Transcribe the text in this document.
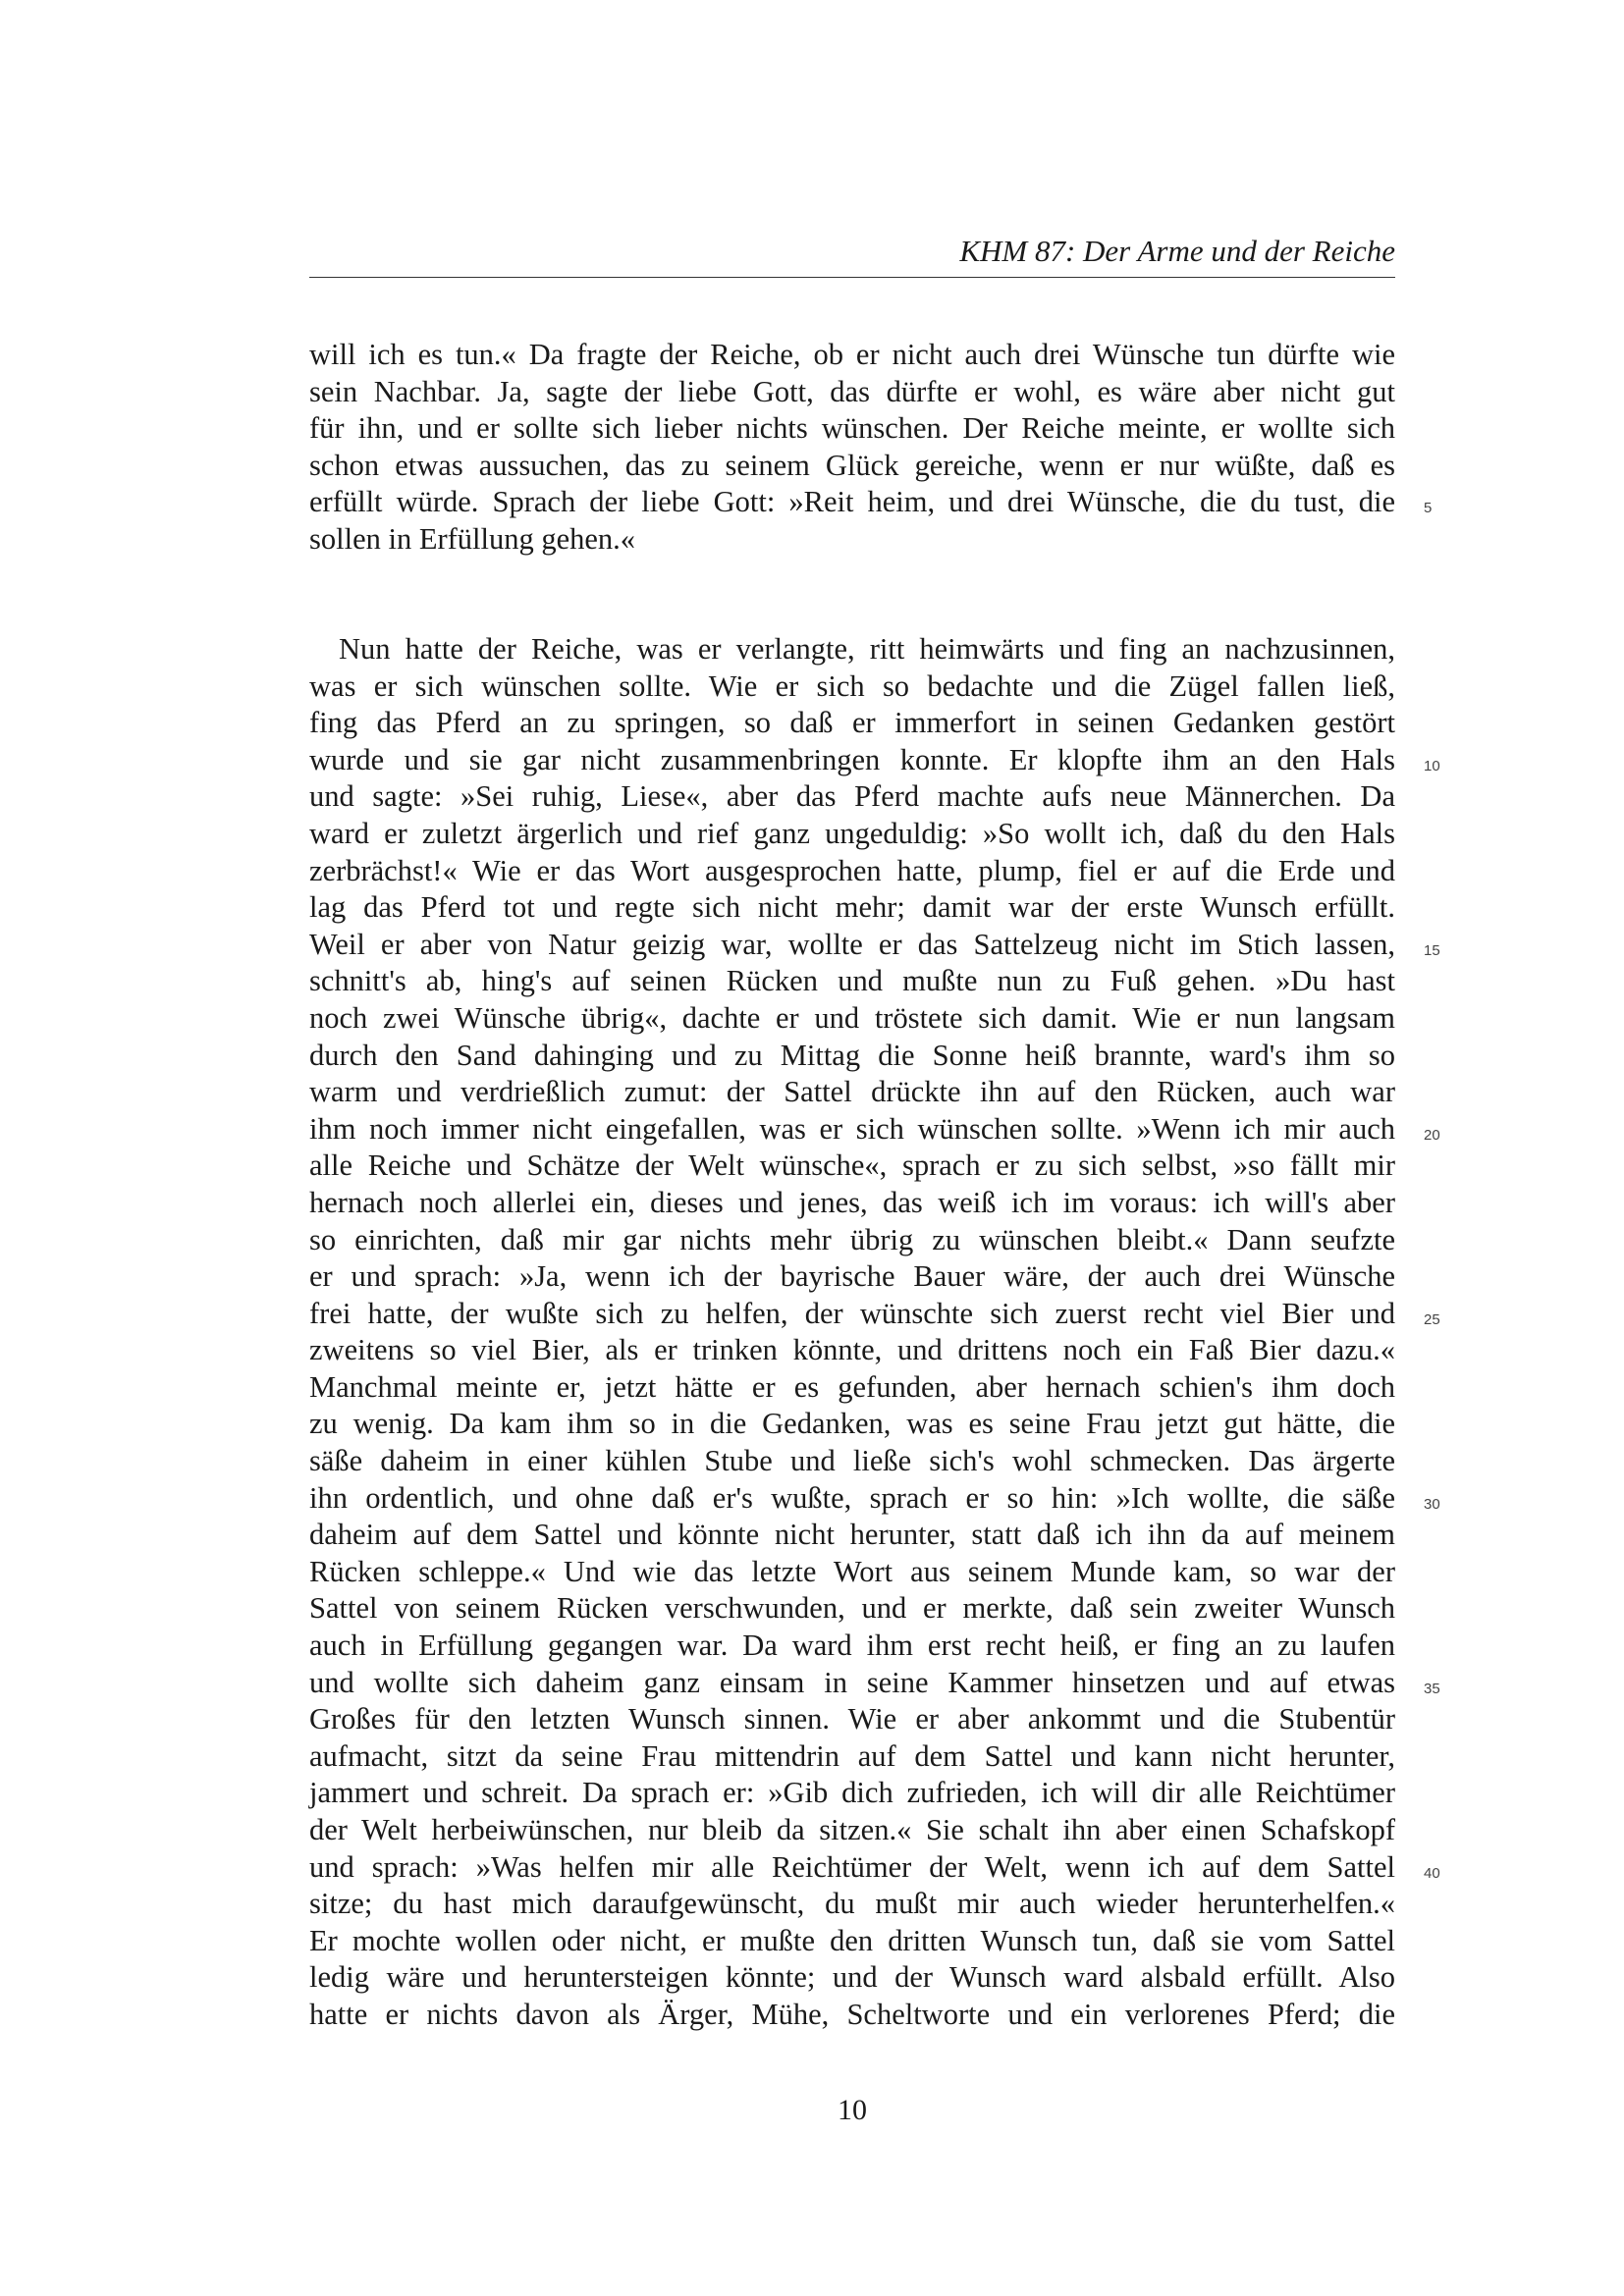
KHM 87: Der Arme und der Reiche
will ich es tun.« Da fragte der Reiche, ob er nicht auch drei Wünsche tun dürfte wie
sein Nachbar. Ja, sagte der liebe Gott, das dürfte er wohl, es wäre aber nicht gut
für ihn, und er sollte sich lieber nichts wünschen. Der Reiche meinte, er wollte sich
schon etwas aussuchen, das zu seinem Glück gereiche, wenn er nur wüßte, daß es
erfüllt würde. Sprach der liebe Gott: »Reit heim, und drei Wünsche, die du tust, die
sollen in Erfüllung gehen.«
Nun hatte der Reiche, was er verlangte, ritt heimwärts und fing an nachzusinnen,
was er sich wünschen sollte. Wie er sich so bedachte und die Zügel fallen ließ,
fing das Pferd an zu springen, so daß er immerfort in seinen Gedanken gestört
wurde und sie gar nicht zusammenbringen konnte. Er klopfte ihm an den Hals
und sagte: »Sei ruhig, Liese«, aber das Pferd machte aufs neue Männerchen. Da
ward er zuletzt ärgerlich und rief ganz ungeduldig: »So wollt ich, daß du den Hals
zerbrächst!« Wie er das Wort ausgesprochen hatte, plump, fiel er auf die Erde und
lag das Pferd tot und regte sich nicht mehr; damit war der erste Wunsch erfüllt.
Weil er aber von Natur geizig war, wollte er das Sattelzeug nicht im Stich lassen,
schnitt's ab, hing's auf seinen Rücken und mußte nun zu Fuß gehen. »Du hast
noch zwei Wünsche übrig«, dachte er und tröstete sich damit. Wie er nun langsam
durch den Sand dahinging und zu Mittag die Sonne heiß brannte, ward's ihm so
warm und verdrießlich zumut: der Sattel drückte ihn auf den Rücken, auch war
ihm noch immer nicht eingefallen, was er sich wünschen sollte. »Wenn ich mir auch
alle Reiche und Schätze der Welt wünsche«, sprach er zu sich selbst, »so fällt mir
hernach noch allerlei ein, dieses und jenes, das weiß ich im voraus: ich will's aber
so einrichten, daß mir gar nichts mehr übrig zu wünschen bleibt.« Dann seufzte
er und sprach: »Ja, wenn ich der bayrische Bauer wäre, der auch drei Wünsche
frei hatte, der wußte sich zu helfen, der wünschte sich zuerst recht viel Bier und
zweitens so viel Bier, als er trinken könnte, und drittens noch ein Faß Bier dazu.«
Manchmal meinte er, jetzt hätte er es gefunden, aber hernach schien's ihm doch
zu wenig. Da kam ihm so in die Gedanken, was es seine Frau jetzt gut hätte, die
säße daheim in einer kühlen Stube und ließe sich's wohl schmecken. Das ärgerte
ihn ordentlich, und ohne daß er's wußte, sprach er so hin: »Ich wollte, die säße
daheim auf dem Sattel und könnte nicht herunter, statt daß ich ihn da auf meinem
Rücken schleppe.« Und wie das letzte Wort aus seinem Munde kam, so war der
Sattel von seinem Rücken verschwunden, und er merkte, daß sein zweiter Wunsch
auch in Erfüllung gegangen war. Da ward ihm erst recht heiß, er fing an zu laufen
und wollte sich daheim ganz einsam in seine Kammer hinsetzen und auf etwas
Großes für den letzten Wunsch sinnen. Wie er aber ankommt und die Stubentür
aufmacht, sitzt da seine Frau mittendrin auf dem Sattel und kann nicht herunter,
jammert und schreit. Da sprach er: »Gib dich zufrieden, ich will dir alle Reichtümer
der Welt herbeiwünschen, nur bleib da sitzen.« Sie schalt ihn aber einen Schafskopf
und sprach: »Was helfen mir alle Reichtümer der Welt, wenn ich auf dem Sattel
sitze; du hast mich daraufgewünscht, du mußt mir auch wieder herunterhelfen.«
Er mochte wollen oder nicht, er mußte den dritten Wunsch tun, daß sie vom Sattel
ledig wäre und heruntersteigen könnte; und der Wunsch ward alsbald erfüllt. Also
hatte er nichts davon als Ärger, Mühe, Scheltworte und ein verlorenes Pferd; die
5
10
15
20
25
30
35
40
10
